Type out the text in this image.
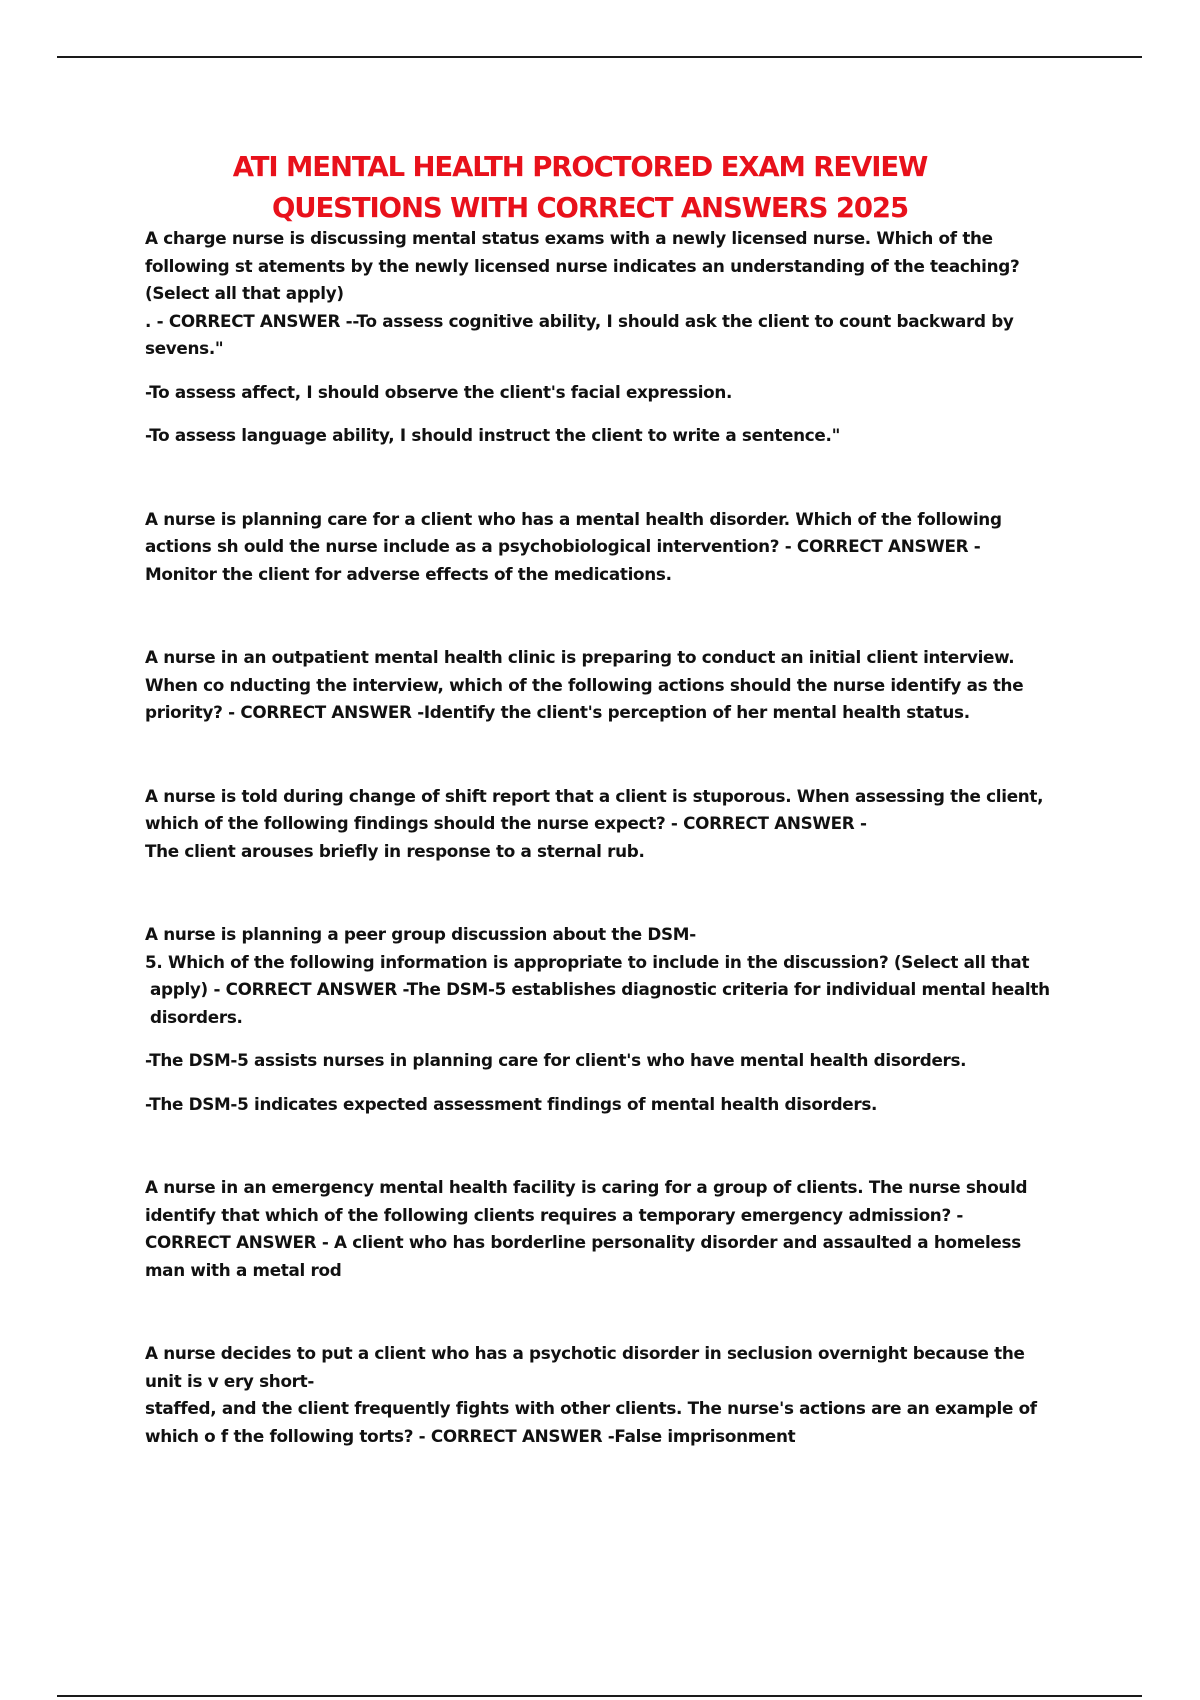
ATI MENTAL HEALTH PROCTORED EXAM REVIEW
QUESTIONS WITH CORRECT ANSWERS 2025
A charge nurse is discussing mental status exams with a newly licensed nurse. Which of the
following st atements by the newly licensed nurse indicates an understanding of the teaching?
(Select all that apply)
. - CORRECT ANSWER --To assess cognitive ability, I should ask the client to count backward by
sevens."
-To assess affect, I should observe the client's facial expression.
-To assess language ability, I should instruct the client to write a sentence."
A nurse is planning care for a client who has a mental health disorder. Which of the following
actions sh ould the nurse include as a psychobiological intervention? - CORRECT ANSWER -
Monitor the client for adverse effects of the medications.
A nurse in an outpatient mental health clinic is preparing to conduct an initial client interview.
When co nducting the interview, which of the following actions should the nurse identify as the
priority? - CORRECT ANSWER -Identify the client's perception of her mental health status.
A nurse is told during change of shift report that a client is stuporous. When assessing the client,
which of the following findings should the nurse expect? - CORRECT ANSWER -
The client arouses briefly in response to a sternal rub.
A nurse is planning a peer group discussion about the DSM-
5. Which of the following information is appropriate to include in the discussion? (Select all that
apply) - CORRECT ANSWER -The DSM-5 establishes diagnostic criteria for individual mental health
disorders.
-The DSM-5 assists nurses in planning care for client's who have mental health disorders.
-The DSM-5 indicates expected assessment findings of mental health disorders.
A nurse in an emergency mental health facility is caring for a group of clients. The nurse should
identify that which of the following clients requires a temporary emergency admission? -
CORRECT ANSWER - A client who has borderline personality disorder and assaulted a homeless
man with a metal rod
A nurse decides to put a client who has a psychotic disorder in seclusion overnight because the
unit is v ery short-
staffed, and the client frequently fights with other clients. The nurse's actions are an example of
which o f the following torts? - CORRECT ANSWER -False imprisonment
